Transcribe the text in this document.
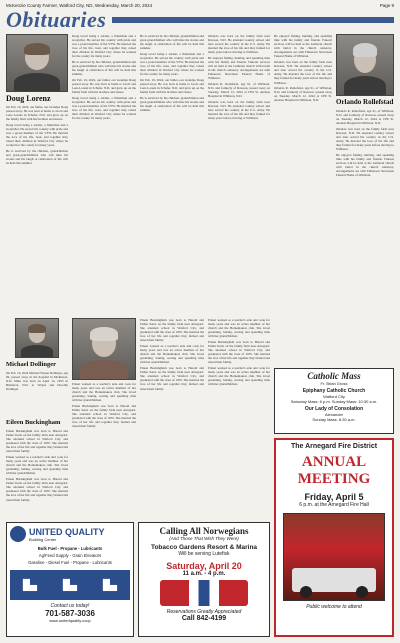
McKenzie County Farmer, Watford City, ND, Wednesday, March 20, 2024	Page 9
Obituaries
Doug Lorenz

On Feb. 19, 2024, our father, our Grandpa Doug passed away. He was born at home to Jacob and Lena Lorenz in Schafer, N.D. and grew up on the family farm with his brothers and sisters.

Doug loved being a soldier, a fisherman and a storyteller. He served his country with pride and was a proud member of the VFW. He married the love of his life, Jean, and together they raised their children in Watford City where he worked for the county for many years.

He is survived by his children, grandchildren and great-grandchildren who will miss his stories and his laugh. A celebration of life will be held this summer.

Doug loved being a soldier, a fisherman and a storyteller. He served his country with pride and was a proud member of the VFW. He married the love of his life, Jean, and together they raised their children in Watford City where he worked for the county for many years.

He is survived by his children, grandchildren and great-grandchildren who will miss his stories and his laugh. A celebration of life will be held this summer.

On Feb. 19, 2024, our father, our Grandpa Doug passed away. He was born at home to Jacob and Lena Lorenz in Schafer, N.D. and grew up on the family farm with his brothers and sisters.

Doug loved being a soldier, a fisherman and a storyteller. He served his country with pride and was a proud member of the VFW. He married the love of his life, Jean, and together they raised their children in Watford City where he worked for the county for many years.

He is survived by his children, grandchildren and great-grandchildren who will miss his stories and his laugh. A celebration of life will be held this summer.

Doug loved being a soldier, a fisherman and a storyteller. He served his country with pride and was a proud member of the VFW. He married the love of his life, Jean, and together they raised their children in Watford City where he worked for the county for many years.

On Feb. 19, 2024, our father, our Grandpa Doug passed away. He was born at home to Jacob and Lena Lorenz in Schafer, N.D. and grew up on the family farm with his brothers and sisters.

He is survived by his children, grandchildren and great-grandchildren who will miss his stories and his laugh. A celebration of life will be held this summer.

Orlando was born on the family farm near Rawson, N.D. He attended country school and later served his country in the U.S. Army. He married the love of his life and they farmed for many years before moving to Williston.

He enjoyed fishing, hunting, and spending time with his family and friends. Funeral services will be held at the Lutheran church with burial in the church cemetery. Arrangements are with Fulkerson Stevenson Funeral Home of Williston.

Orlando R. Rollefstad, age 91, of Williston, N.D. and formerly of Rawson, passed away on Tuesday, March 12, 2024 at CHI St. Alexius Hospital in Williston, N.D.

Orlando was born on the family farm near Rawson, N.D. He attended country school and later served his country in the U.S. Army. He married the love of his life and they farmed for many years before moving to Williston.

He enjoyed fishing, hunting, and spending time with his family and friends. Funeral services will be held at the Lutheran church with burial in the church cemetery. Arrangements are with Fulkerson Stevenson Funeral Home of Williston.

Orlando was born on the family farm near Rawson, N.D. He attended country school and later served his country in the U.S. Army. He married the love of his life and they farmed for many years before moving to Williston.

Orlando R. Rollefstad, age 91, of Williston, N.D. and formerly of Rawson, passed away on Tuesday, March 12, 2024 at CHI St. Alexius Hospital in Williston, N.D.	Orlando Rollefstad

Orlando R. Rollefstad, age 91, of Williston, N.D. and formerly of Rawson, passed away on Tuesday, March 12, 2024 at CHI St. Alexius Hospital in Williston, N.D.

Orlando was born on the family farm near Rawson, N.D. He attended country school and later served his country in the U.S. Army. He married the love of his life and they farmed for many years before moving to Williston.

He enjoyed fishing, hunting, and spending time with his family and friends. Funeral services will be held at the Lutheran church with burial in the church cemetery. Arrangements are with Fulkerson Stevenson Funeral Home of Williston.

Michael Dollinger

On Feb. 16, 2024 Michael Wayne Dollinger, age 69, passed away in the hospital in Dickinson, N.D. Mike was born on April 14, 1955 in Bismarck, N.D. to Wayne and Dorothy Dollinger.

Eileen Buckingham

Eileen Buckingham was born to Harold and Esther Karst on the family farm near Arnegard. She attended school in Watford City, and graduated with the class of 1955. She married the love of her life and together they farmed and raised their family.

Eileen worked as a teacher's aide and cook for many years and was an active member of her church and the Homemakers club. She loved gardening, baking, sewing and spending time with her grandchildren.

Eileen Buckingham was born to Harold and Esther Karst on the family farm near Arnegard. She attended school in Watford City, and graduated with the class of 1955. She married the love of her life and together they farmed and raised their family.

Eileen worked as a teacher's aide and cook for many years and was an active member of her church and the Homemakers club. She loved gardening, baking, sewing and spending time with her grandchildren.

Eileen Buckingham was born to Harold and Esther Karst on the family farm near Arnegard. She attended school in Watford City, and graduated with the class of 1955. She married the love of her life and together they farmed and raised their family.

Eileen Buckingham was born to Harold and Esther Karst on the family farm near Arnegard. She attended school in Watford City, and graduated with the class of 1955. She married the love of her life and together they farmed and raised their family.

Eileen worked as a teacher's aide and cook for many years and was an active member of her church and the Homemakers club. She loved gardening, baking, sewing and spending time with her grandchildren.

Eileen Buckingham was born to Harold and Esther Karst on the family farm near Arnegard. She attended school in Watford City, and graduated with the class of 1955. She married the love of her life and together they farmed and raised their family.

Eileen worked as a teacher's aide and cook for many years and was an active member of her church and the Homemakers club. She loved gardening, baking, sewing and spending time with her grandchildren.

Eileen Buckingham was born to Harold and Esther Karst on the family farm near Arnegard. She attended school in Watford City, and graduated with the class of 1955. She married the love of her life and together they farmed and raised their family.

Eileen worked as a teacher's aide and cook for many years and was an active member of her church and the Homemakers club. She loved gardening, baking, sewing and spending time with her grandchildren.

Catholic Mass
Fr. Brian Gross
Epiphany Catholic Church
Watford City
Saturday Mass: 6 p.m. Sunday Mass: 10:30 a.m.
Our Lady of Consolation
Alexander
Sunday Mass: 8:30 a.m.
UNITED QUALITY
Building Center
Bulk Fuel - Propane - Lubricants
Ag/Feed Supply - Grain Elevators
Gasoline - Diesel Fuel - Propane - Lubricants
█▄	█▄	█▄
Contact us today!
701-587-3036
www.unitedquality.coop
Calling All Norwegians
(And Those That Wish They Were)
Tobacco Gardens Resort & Marina
Will be serving Lutefisk
Saturday, April 20
11 a.m. - 4 p.m.
Reservations Greatly Appreciated
Call 842-4199
The Arnegard Fire District
ANNUAL
MEETING
Friday, April 5
6 p.m. at the Arnegard Fire Hall
Public welcome to attend
